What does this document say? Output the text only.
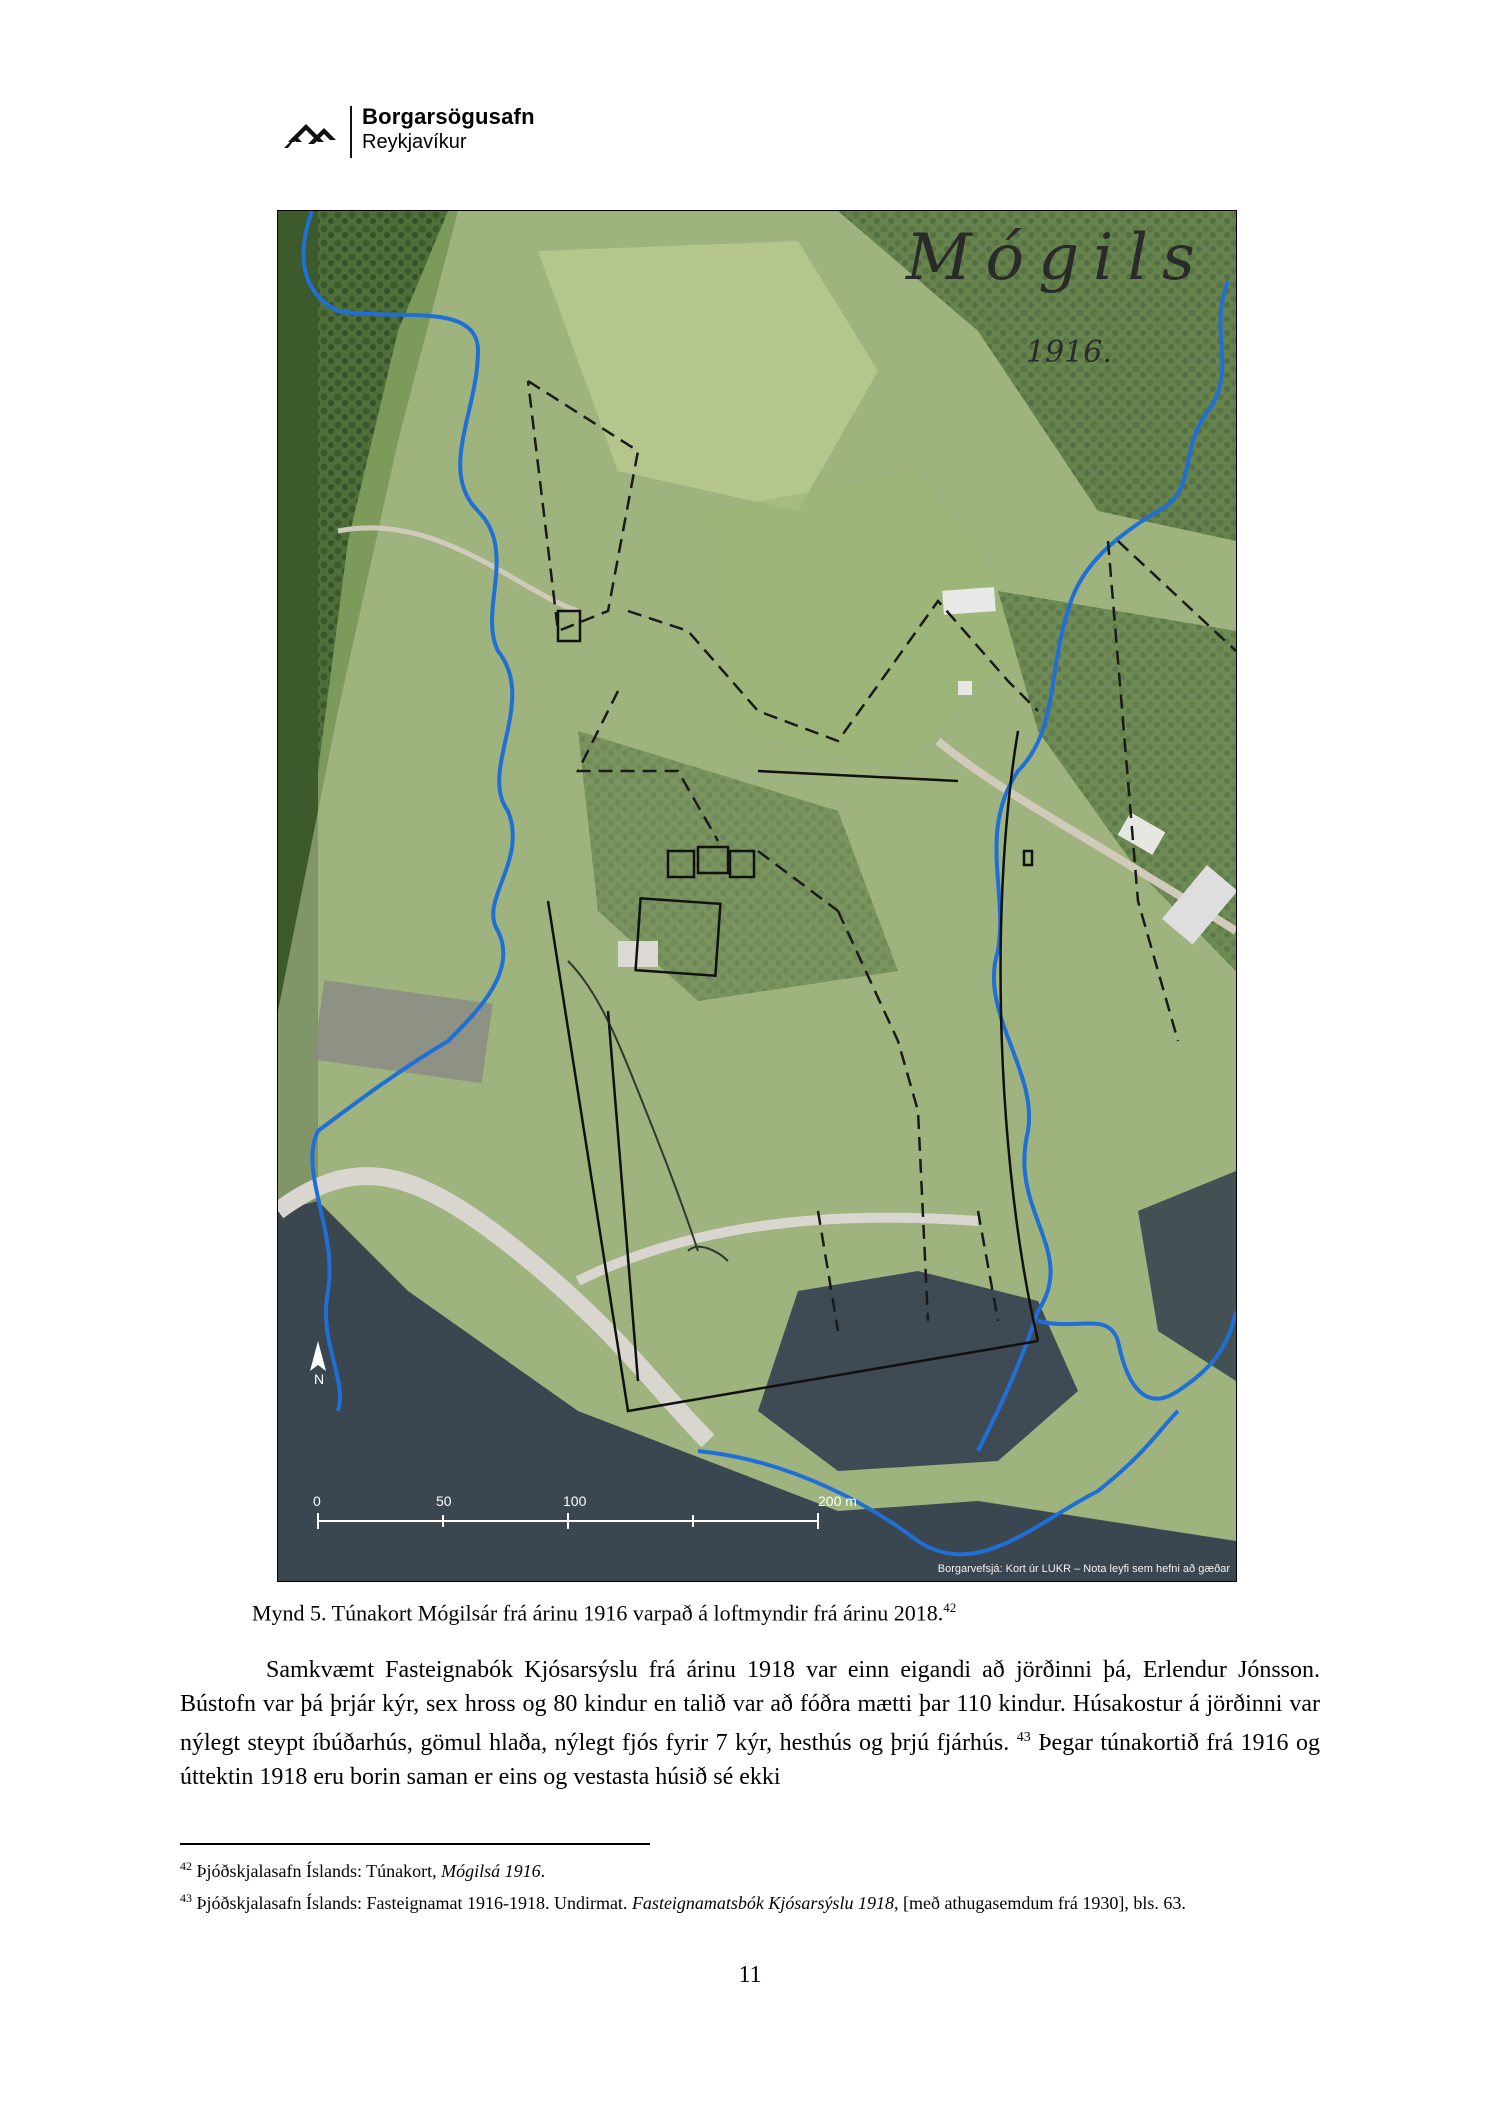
Borgarsögusafn
Reykjavíkur
Mógils
1916.
N
0	50	100	200 m
Borgarvefsjá: Kort úr LUKR – Nota leyfi sem hefni að gæðar
Mynd 5. Túnakort Mógilsár frá árinu 1916 varpað á loftmyndir frá árinu 2018.42

Samkvæmt Fasteignabók Kjósarsýslu frá árinu 1918 var einn eigandi að jörðinni þá, Erlendur Jónsson. Bústofn var þá þrjár kýr, sex hross og 80 kindur en talið var að fóðra mætti þar 110 kindur. Húsakostur á jörðinni var nýlegt steypt íbúðarhús, gömul hlaða, nýlegt fjós fyrir 7 kýr, hesthús og þrjú fjárhús. $^{43}$ Þegar túnakortið frá 1916 og úttektin 1918 eru borin saman er eins og vestasta húsið sé ekki

$^{42}$ Þjóðskjalasafn Íslands: Túnakort, Mógilsá 1916.

$^{43}$ Þjóðskjalasafn Íslands: Fasteignamat 1916-1918. Undirmat. Fasteignamatsbók Kjósarsýslu 1918, [með athugasemdum frá 1930], bls. 63.

11
